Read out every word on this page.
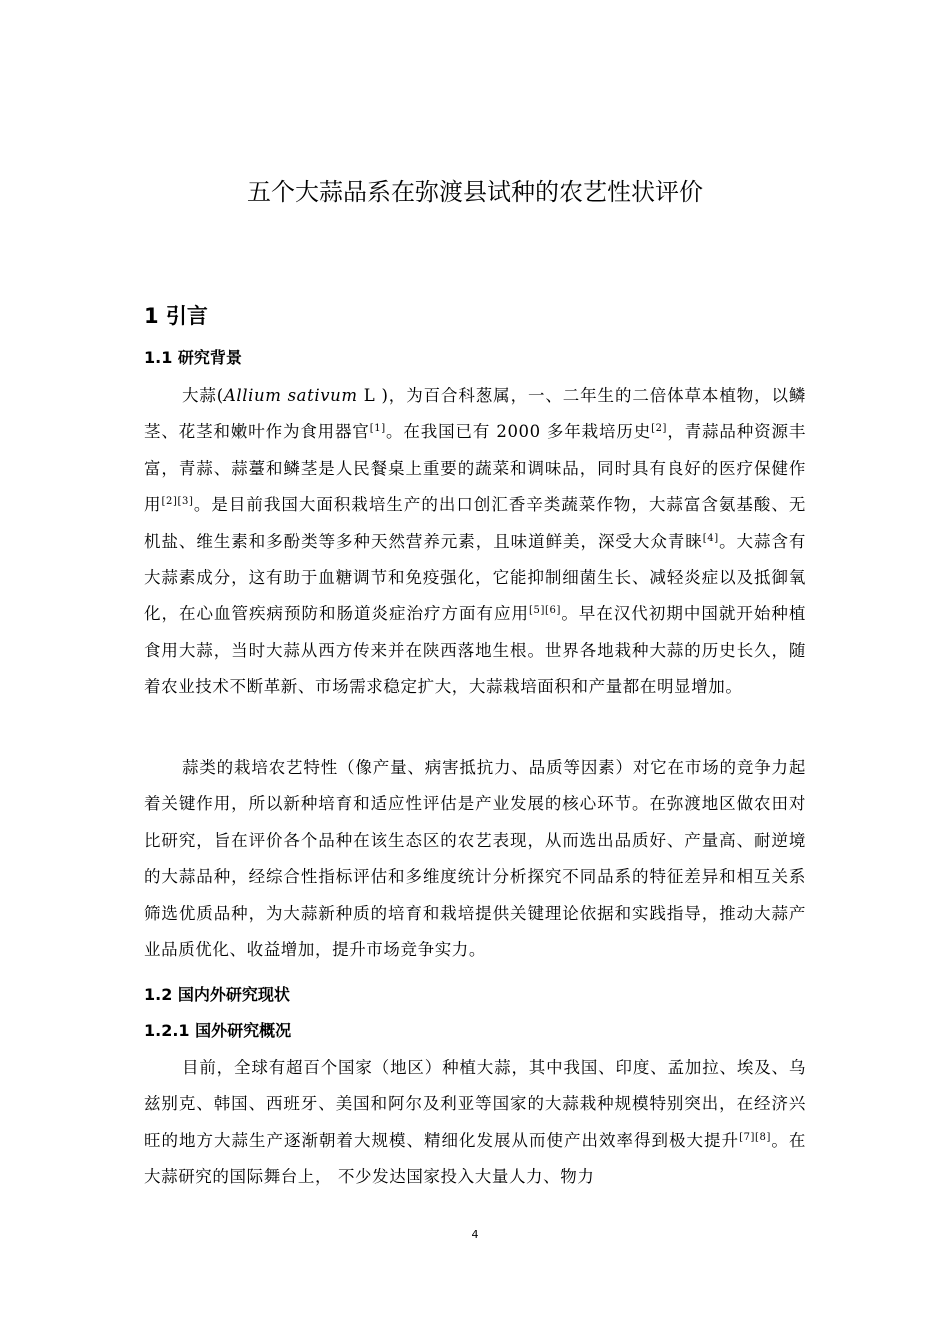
五个大蒜品系在弥渡县试种的农艺性状评价
1 引言
1.1 研究背景

大蒜(Allium sativum L )，为百合科葱属，一、二年生的二倍体草本植物，以鳞茎、花茎和嫩叶作为食用器官[1]。在我国已有 2000 多年栽培历史[2]，青蒜品种资源丰富，青蒜、蒜薹和鳞茎是人民餐桌上重要的蔬菜和调味品，同时具有良好的医疗保健作用[2][3]。是目前我国大面积栽培生产的出口创汇香辛类蔬菜作物，大蒜富含氨基酸、无机盐、维生素和多酚类等多种天然营养元素，且味道鲜美，深受大众青睐[4]。大蒜含有大蒜素成分，这有助于血糖调节和免疫强化，它能抑制细菌生长、减轻炎症以及抵御氧化，在心血管疾病预防和肠道炎症治疗方面有应用[5][6]。早在汉代初期中国就开始种植食用大蒜，当时大蒜从西方传来并在陕西落地生根。世界各地栽种大蒜的历史长久，随着农业技术不断革新、市场需求稳定扩大，大蒜栽培面积和产量都在明显增加。

蒜类的栽培农艺特性（像产量、病害抵抗力、品质等因素）对它在市场的竞争力起着关键作用，所以新种培育和适应性评估是产业发展的核心环节。在弥渡地区做农田对比研究，旨在评价各个品种在该生态区的农艺表现，从而选出品质好、产量高、耐逆境的大蒜品种，经综合性指标评估和多维度统计分析探究不同品系的特征差异和相互关系筛选优质品种，为大蒜新种质的培育和栽培提供关键理论依据和实践指导，推动大蒜产业品质优化、收益增加，提升市场竞争实力。

1.2 国内外研究现状
1.2.1 国外研究概况

目前，全球有超百个国家（地区）种植大蒜，其中我国、印度、孟加拉、埃及、乌兹别克、韩国、西班牙、美国和阿尔及利亚等国家的大蒜栽种规模特别突出，在经济兴旺的地方大蒜生产逐渐朝着大规模、精细化发展从而使产出效率得到极大提升[7][8]。在大蒜研究的国际舞台上， 不少发达国家投入大量人力、物力

4
